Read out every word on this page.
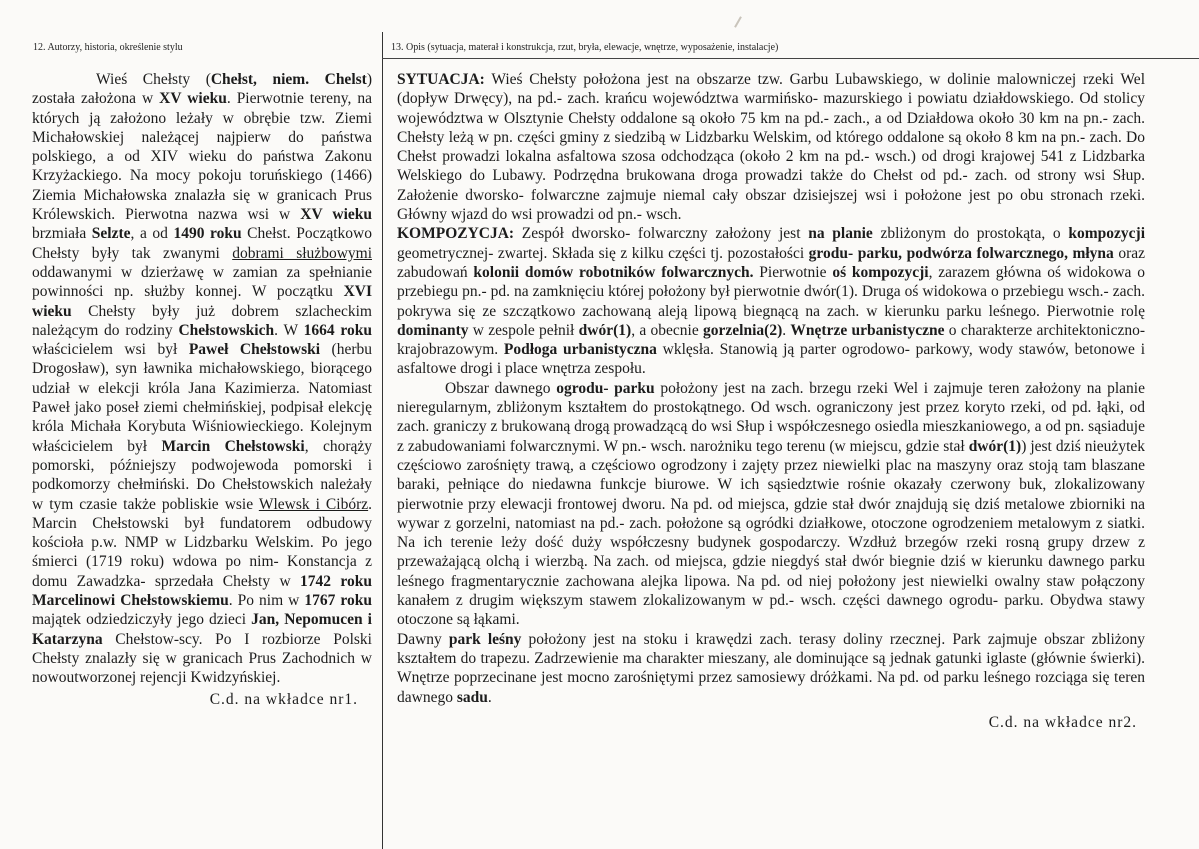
12. Autorzy, historia, określenie stylu	13. Opis (sytuacja, materał i konstrukcja, rzut, bryła, elewacje, wnętrze, wyposażenie, instalacje)

Wieś Chełsty (Chełst, niem. Chelst) została założona w XV wieku. Pierwotnie tereny, na których ją założono leżały w obrębie tzw. Ziemi Michałowskiej należącej najpierw do państwa polskiego, a od XIV wieku do państwa Zakonu Krzyżackiego. Na mocy pokoju toruńskiego (1466) Ziemia Michałowska znalazła się w granicach Prus Królewskich. Pierwotna nazwa wsi w XV wieku brzmiała Selzte, a od 1490 roku Chełst. Początkowo Chełsty były tak zwanymi dobrami służbowymi oddawanymi w dzierżawę w zamian za spełnianie powinności np. służby konnej. W początku XVI wieku Chełsty były już dobrem szlacheckim należącym do rodziny Chełstowskich. W 1664 roku właścicielem wsi był Paweł Chełstowski (herbu Drogosław), syn ławnika michałowskiego, biorącego udział w elekcji króla Jana Kazimierza. Natomiast Paweł jako poseł ziemi chełmińskiej, podpisał elekcję króla Michała Korybuta Wiśniowieckiego. Kolejnym właścicielem był Marcin Chełstowski, chorąży pomorski, późniejszy podwojewoda pomorski i podkomorzy chełmiński. Do Chełstowskich należały w tym czasie także pobliskie wsie Wlewsk i Cibórz. Marcin Chełstowski był fundatorem odbudowy kościoła p.w. NMP w Lidzbarku Welskim. Po jego śmierci (1719 roku) wdowa po nim- Konstancja z domu Zawadzka- sprzedała Chełsty w 1742 roku Marcelinowi Chełstowskiemu. Po nim w 1767 roku majątek odziedziczyły jego dzieci Jan, Nepomucen i Katarzyna Chełstow-scy. Po I rozbiorze Polski Chełsty znalazły się w granicach Prus Zachodnich w nowoutworzonej rejencji Kwidzyńskiej.

C.d. na wkładce nr1.

SYTUACJA: Wieś Chełsty położona jest na obszarze tzw. Garbu Lubawskiego, w dolinie malowniczej rzeki Wel (dopływ Drwęcy), na pd.- zach. krańcu województwa warmińsko- mazurskiego i powiatu działdowskiego. Od stolicy województwa w Olsztynie Chełsty oddalone są około 75 km na pd.- zach., a od Działdowa około 30 km na pn.- zach. Chełsty leżą w pn. części gminy z siedzibą w Lidzbarku Welskim, od którego oddalone są około 8 km na pn.- zach. Do Chełst prowadzi lokalna asfaltowa szosa odchodząca (około 2 km na pd.- wsch.) od drogi krajowej 541 z Lidzbarka Welskiego do Lubawy. Podrzędna brukowana droga prowadzi także do Chełst od pd.- zach. od strony wsi Słup. Założenie dworsko- folwarczne zajmuje niemal cały obszar dzisiejszej wsi i położone jest po obu stronach rzeki. Główny wjazd do wsi prowadzi od pn.- wsch.

KOMPOZYCJA: Zespół dworsko- folwarczny założony jest na planie zbliżonym do prostokąta, o kompozycji geometrycznej- zwartej. Składa się z kilku części tj. pozostałości grodu- parku, podwórza folwarcznego, młyna oraz zabudowań kolonii domów robotników folwarcznych. Pierwotnie oś kompozycji, zarazem główna oś widokowa o przebiegu pn.- pd. na zamknięciu której położony był pierwotnie dwór(1). Druga oś widokowa o przebiegu wsch.- zach. pokrywa się ze szczątkowo zachowaną aleją lipową biegnącą na zach. w kierunku parku leśnego. Pierwotnie rolę dominanty w zespole pełnił dwór(1), a obecnie gorzelnia(2). Wnętrze urbanistyczne o charakterze architektoniczno- krajobrazowym. Podłoga urbanistyczna wklęsła. Stanowią ją parter ogrodowo- parkowy, wody stawów, betonowe i asfaltowe drogi i place wnętrza zespołu.

Obszar dawnego ogrodu- parku położony jest na zach. brzegu rzeki Wel i zajmuje teren założony na planie nieregularnym, zbliżonym kształtem do prostokątnego. Od wsch. ograniczony jest przez koryto rzeki, od pd. łąki, od zach. graniczy z brukowaną drogą prowadzącą do wsi Słup i współczesnego osiedla mieszkaniowego, a od pn. sąsiaduje z zabudowaniami folwarcznymi. W pn.- wsch. narożniku tego terenu (w miejscu, gdzie stał dwór(1)) jest dziś nieużytek częściowo zarośnięty trawą, a częściowo ogrodzony i zajęty przez niewielki plac na maszyny oraz stoją tam blaszane baraki, pełniące do niedawna funkcje biurowe. W ich sąsiedztwie rośnie okazały czerwony buk, zlokalizowany pierwotnie przy elewacji frontowej dworu. Na pd. od miejsca, gdzie stał dwór znajdują się dziś metalowe zbiorniki na wywar z gorzelni, natomiast na pd.- zach. położone są ogródki działkowe, otoczone ogrodzeniem metalowym z siatki. Na ich terenie leży dość duży współczesny budynek gospodarczy. Wzdłuż brzegów rzeki rosną grupy drzew z przeważającą olchą i wierzbą. Na zach. od miejsca, gdzie niegdyś stał dwór biegnie dziś w kierunku dawnego parku leśnego fragmentarycznie zachowana alejka lipowa. Na pd. od niej położony jest niewielki owalny staw połączony kanałem z drugim większym stawem zlokalizowanym w pd.- wsch. części dawnego ogrodu- parku. Obydwa stawy otoczone są łąkami.

Dawny park leśny położony jest na stoku i krawędzi zach. terasy doliny rzecznej. Park zajmuje obszar zbliżony kształtem do trapezu. Zadrzewienie ma charakter mieszany, ale dominujące są jednak gatunki iglaste (głównie świerki). Wnętrze poprzecinane jest mocno zarośniętymi przez samosiewy dróżkami. Na pd. od parku leśnego rozciąga się teren dawnego sadu.

C.d. na wkładce nr2.
